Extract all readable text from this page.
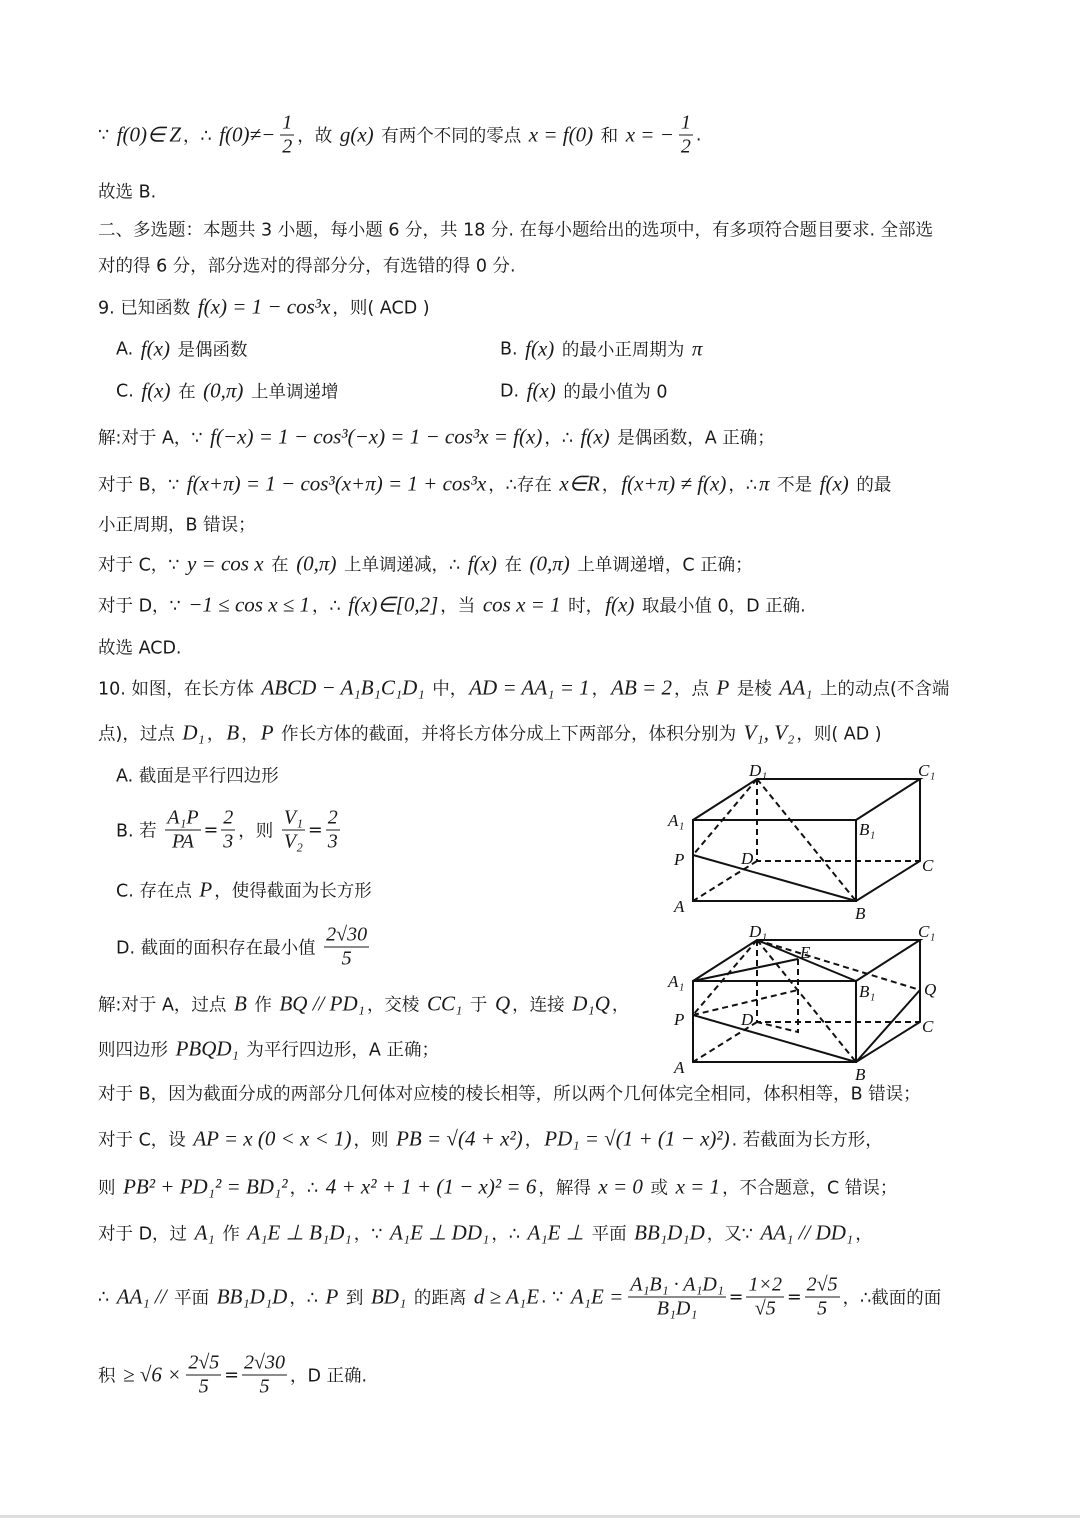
∵ f(0)∈ Z ，∴ $f(0)\ne- \frac{1}{2}$ ，故 g(x) 有两个不同的零点 x = f(0) 和 x = − $\frac{1}{2}$ .
故选 B.
二、多选题：本题共 3 小题，每小题 6 分，共 18 分. 在每小题给出的选项中，有多项符合题目要求. 全部选
对的得 6 分，部分选对的得部分分，有选错的得 0 分.
9. 已知函数 f(x) = 1 − cos³x ，则( ACD )
A. f(x) 是偶函数	B. f(x) 的最小正周期为 π
C. f(x) 在 (0,π) 上单调递增	D. f(x) 的最小值为 0
解:对于 A，∵ f(−x) = 1 − cos³(−x) = 1 − cos³x = f(x) ，∴ f(x) 是偶函数，A 正确；
对于 B，∵ f(x+π) = 1 − cos³(x+π) = 1 + cos³x ，∴存在 x∈R ， f(x+π) ≠ f(x) ，∴ π 不是 f(x) 的最
小正周期，B 错误；
对于 C，∵ y = cos x 在 (0,π) 上单调递减，∴ f(x) 在 (0,π) 上单调递增，C 正确；
对于 D，∵ −1 ≤ cos x ≤ 1 ，∴ f(x)∈[0,2] ，当 cos x = 1 时， f(x) 取最小值 0，D 正确.
故选 ACD.
10. 如图，在长方体 ABCD − A₁B₁C₁D₁ 中， AD = AA₁ = 1 ， AB = 2 ，点 P 是棱 AA₁ 上的动点(不含端
点)，过点 D₁ ， B ， P 作长方体的截面，并将长方体分成上下两部分，体积分别为 V₁, V₂ ，则( AD )
A. 截面是平行四边形
B. 若 $\frac{\text{A₁P}}{PA} = \frac{2}{3}$ ，则 $\frac{\text{V₁}}{\text{V₂}} = \frac{2}{3}$
C. 存在点 P ，使得截面为长方形
D. 截面的面积存在最小值 $\frac{2√30}{5}$
解:对于 A，过点 B 作 BQ // PD₁ ，交棱 CC₁ 于 Q ，连接 D₁Q ，
则四边形 PBQD₁ 为平行四边形，A 正确；
对于 B，因为截面分成的两部分几何体对应棱的棱长相等，所以两个几何体完全相同，体积相等，B 错误；
对于 C，设 AP = x (0 < x < 1) ，则 PB = √(4 + x²) ， PD₁ = √(1 + (1 − x)²) . 若截面为长方形，
则 PB² + PD₁² = BD₁² ，∴ 4 + x² + 1 + (1 − x)² = 6 ，解得 x = 0 或 x = 1 ，不合题意，C 错误；
对于 D，过 A₁ 作 A₁E ⊥ B₁D₁ ，∵ A₁E ⊥ DD₁ ，∴ A₁E ⊥ 平面 BB₁D₁D ，又∵ AA₁ // DD₁ ，
∴ AA₁ // 平面 BB₁D₁D ，∴ P 到 BD₁ 的距离 d ≥ A₁E . ∵ $A_1E = \frac{\text{A₁B₁ · A₁D₁}}{\text{B₁D₁}} = \frac{1\times 2}{√5} = \frac{2√5}{5}$ ，∴截面的面
积 ≥ $√6 \times \frac{2√5}{5} = \frac{2√30}{5}$ ，D 正确.
D₁	C₁
A₁	B₁
P	D	C
A	B
D₁	C₁
E
A₁
B₁	Q
P	D	C
A	B
